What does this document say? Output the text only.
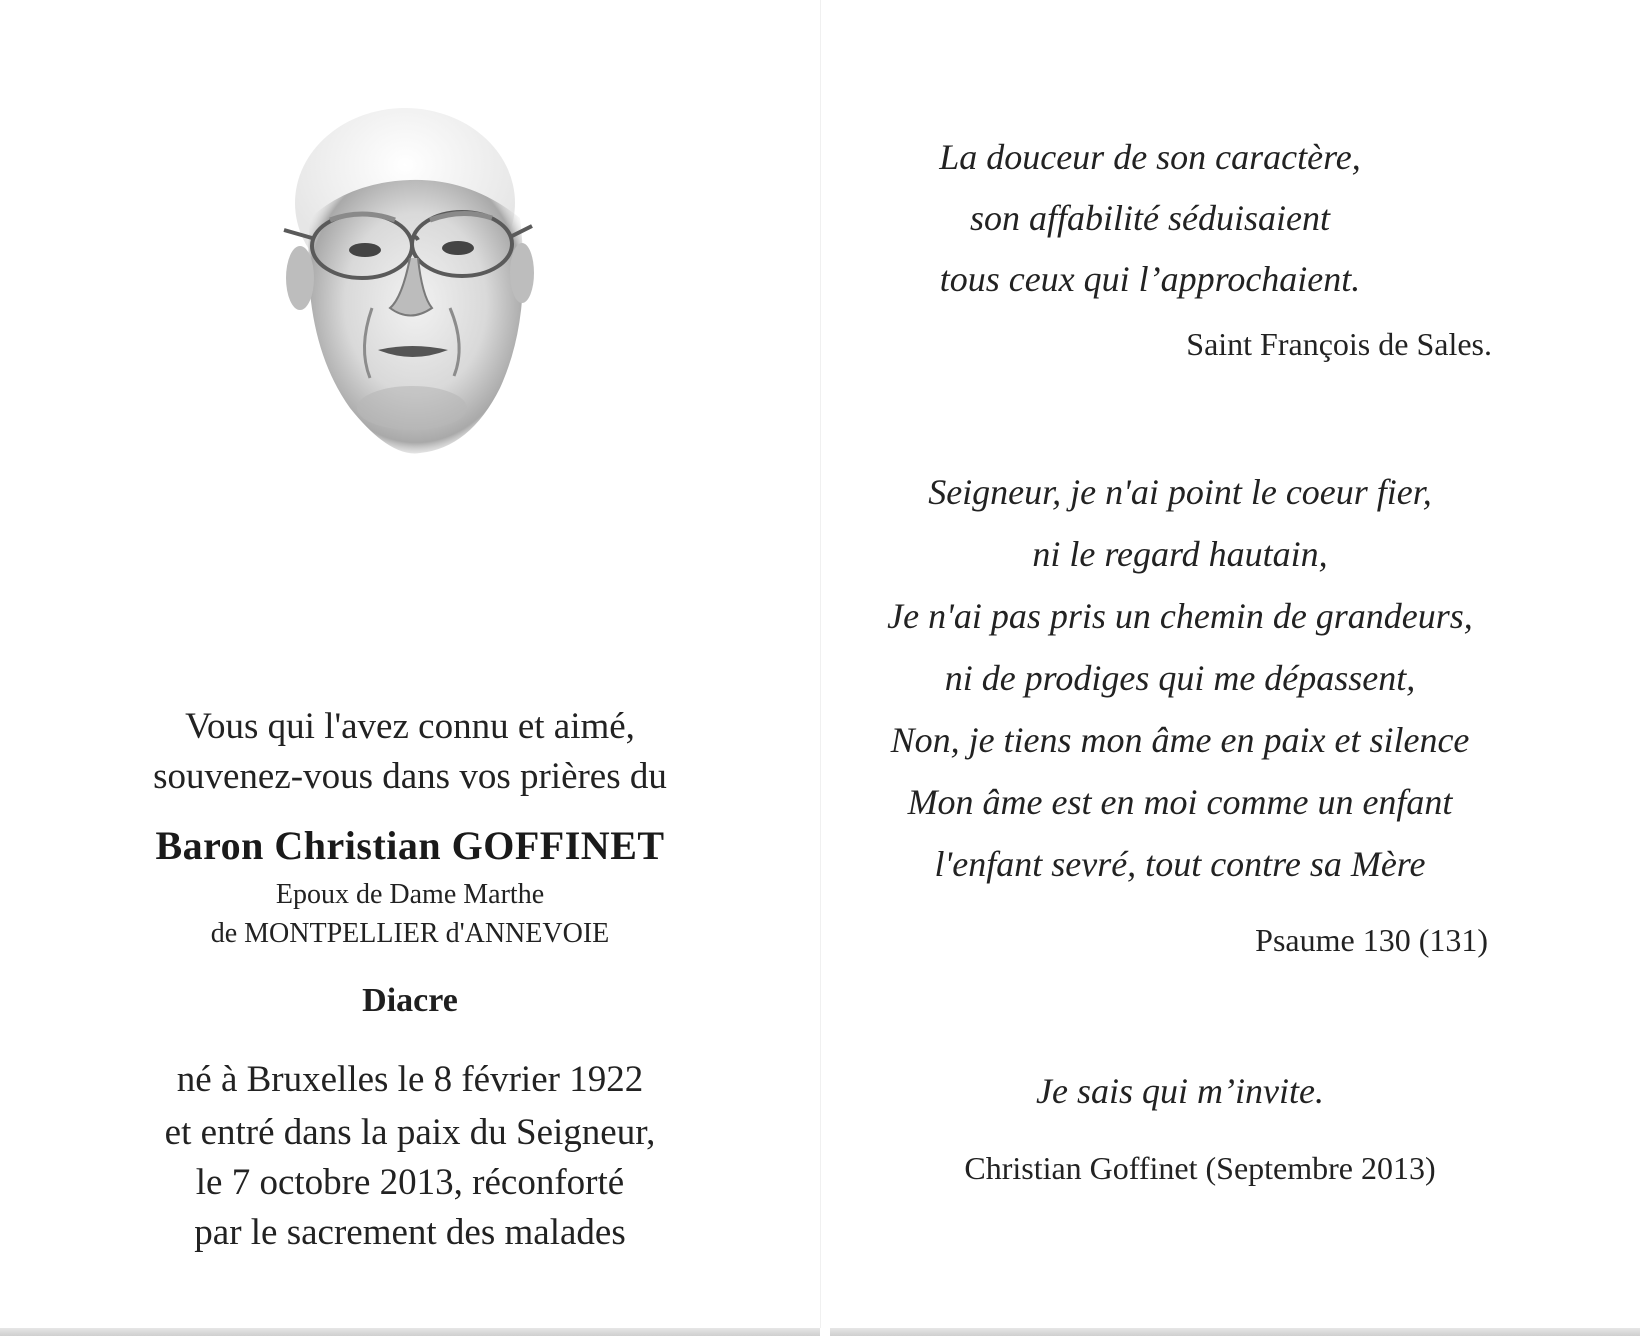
Vous qui l'avez connu et aimé,
souvenez-vous dans vos prières du
Baron Christian GOFFINET
Epoux de Dame Marthe
de MONTPELLIER d'ANNEVOIE
Diacre
né à Bruxelles le 8 février 1922
et entré dans la paix du Seigneur,
le 7 octobre 2013, réconforté
par le sacrement des malades
La douceur de son caractère,
son affabilité séduisaient
tous ceux qui l’approchaient.
Saint François de Sales.
Seigneur, je n'ai point le coeur fier,
ni le regard hautain,
Je n'ai pas pris un chemin de grandeurs,
ni de prodiges qui me dépassent,
Non, je tiens mon âme en paix et silence
Mon âme est en moi comme un enfant
l'enfant sevré, tout contre sa Mère
Psaume 130 (131)
Je sais qui m’invite.
Christian Goffinet (Septembre 2013)
